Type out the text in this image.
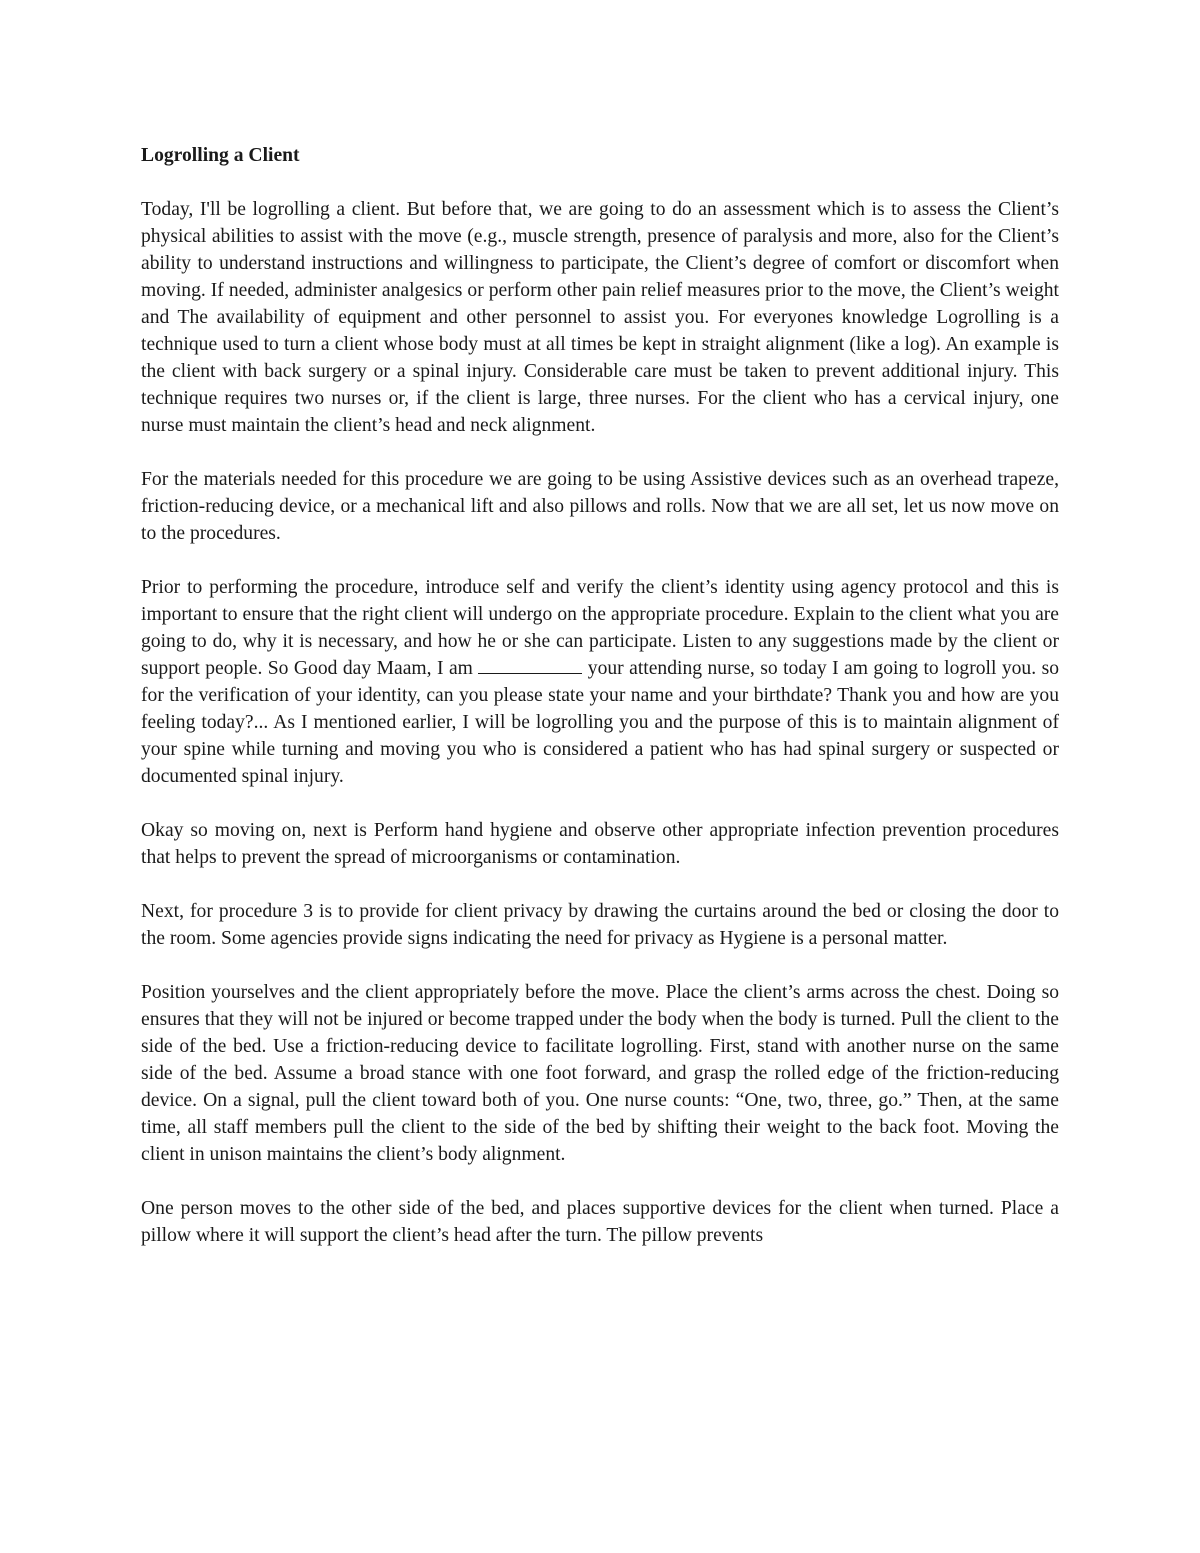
Logrolling a Client

Today, I'll be logrolling a client. But before that, we are going to do an assessment which is to assess the Client’s physical abilities to assist with the move (e.g., muscle strength, presence of paralysis and more, also for the Client’s ability to understand instructions and willingness to participate, the Client’s degree of comfort or discomfort when moving. If needed, administer analgesics or perform other pain relief measures prior to the move, the Client’s weight and The availability of equipment and other personnel to assist you. For everyones knowledge Logrolling is a technique used to turn a client whose body must at all times be kept in straight alignment (like a log). An example is the client with back surgery or a spinal injury. Considerable care must be taken to prevent additional injury. This technique requires two nurses or, if the client is large, three nurses. For the client who has a cervical injury, one nurse must maintain the client’s head and neck alignment.

For the materials needed for this procedure we are going to be using Assistive devices such as an overhead trapeze, friction-reducing device, or a mechanical lift and also pillows and rolls. Now that we are all set, let us now move on to the procedures.

Prior to performing the procedure, introduce self and verify the client’s identity using agency protocol and this is important to ensure that the right client will undergo on the appropriate procedure. Explain to the client what you are going to do, why it is necessary, and how he or she can participate. Listen to any suggestions made by the client or support people. So Good day Maam, I am	your attending nurse, so today I am going to logroll you. so for the verification of your identity, can you please state your name and your birthdate? Thank you and how are you feeling today?... As I mentioned earlier, I will be logrolling you and the purpose of this is to maintain alignment of your spine while turning and moving you who is considered a patient who has had spinal surgery or suspected or documented spinal injury.

Okay so moving on, next is Perform hand hygiene and observe other appropriate infection prevention procedures that helps to prevent the spread of microorganisms or contamination.

Next, for procedure 3 is to provide for client privacy by drawing the curtains around the bed or closing the door to the room. Some agencies provide signs indicating the need for privacy as Hygiene is a personal matter.

Position yourselves and the client appropriately before the move. Place the client’s arms across the chest. Doing so ensures that they will not be injured or become trapped under the body when the body is turned. Pull the client to the side of the bed. Use a friction-reducing device to facilitate logrolling. First, stand with another nurse on the same side of the bed. Assume a broad stance with one foot forward, and grasp the rolled edge of the friction-reducing device. On a signal, pull the client toward both of you. One nurse counts: “One, two, three, go.” Then, at the same time, all staff members pull the client to the side of the bed by shifting their weight to the back foot. Moving the client in unison maintains the client’s body alignment.

One person moves to the other side of the bed, and places supportive devices for the client when turned. Place a pillow where it will support the client’s head after the turn. The pillow prevents
